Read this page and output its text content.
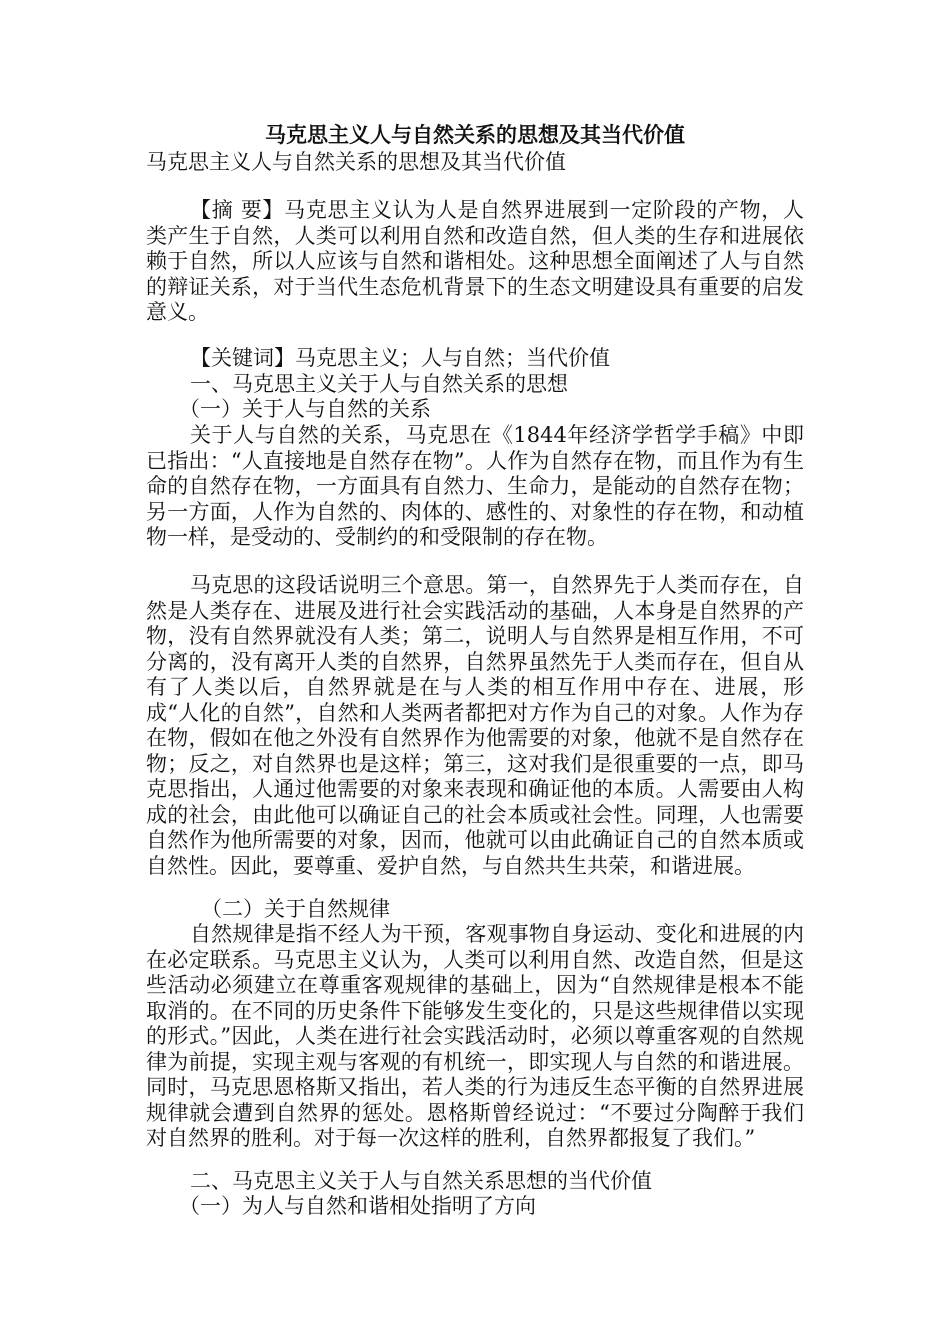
马克思主义人与自然关系的思想及其当代价值
马克思主义人与自然关系的思想及其当代价值

【摘 要】马克思主义认为人是自然界进展到一定阶段的产物，人类产生于自然，人类可以利用自然和改造自然，但人类的生存和进展依赖于自然，所以人应该与自然和谐相处。这种思想全面阐述了人与自然的辩证关系，对于当代生态危机背景下的生态文明建设具有重要的启发意义。

【关键词】马克思主义；人与自然；当代价值

一、马克思主义关于人与自然关系的思想

（一）关于人与自然的关系

关于人与自然的关系，马克思在《1844年经济学哲学手稿》中即已指出：“人直接地是自然存在物”。人作为自然存在物，而且作为有生命的自然存在物，一方面具有自然力、生命力，是能动的自然存在物；另一方面，人作为自然的、肉体的、感性的、对象性的存在物，和动植物一样，是受动的、受制约的和受限制的存在物。

马克思的这段话说明三个意思。第一，自然界先于人类而存在，自然是人类存在、进展及进行社会实践活动的基础，人本身是自然界的产物，没有自然界就没有人类；第二，说明人与自然界是相互作用，不可分离的，没有离开人类的自然界，自然界虽然先于人类而存在，但自从有了人类以后，自然界就是在与人类的相互作用中存在、进展，形成“人化的自然”，自然和人类两者都把对方作为自己的对象。人作为存在物，假如在他之外没有自然界作为他需要的对象，他就不是自然存在物；反之，对自然界也是这样；第三，这对我们是很重要的一点，即马克思指出，人通过他需要的对象来表现和确证他的本质。人需要由人构成的社会，由此他可以确证自己的社会本质或社会性。同理，人也需要自然作为他所需要的对象，因而，他就可以由此确证自己的自然本质或自然性。因此，要尊重、爱护自然，与自然共生共荣，和谐进展。

（二）关于自然规律

自然规律是指不经人为干预，客观事物自身运动、变化和进展的内在必定联系。马克思主义认为，人类可以利用自然、改造自然，但是这些活动必须建立在尊重客观规律的基础上，因为“自然规律是根本不能取消的。在不同的历史条件下能够发生变化的，只是这些规律借以实现的形式。”因此，人类在进行社会实践活动时，必须以尊重客观的自然规律为前提，实现主观与客观的有机统一，即实现人与自然的和谐进展。同时，马克思恩格斯又指出，若人类的行为违反生态平衡的自然界进展规律就会遭到自然界的惩处。恩格斯曾经说过：“不要过分陶醉于我们对自然界的胜利。对于每一次这样的胜利，自然界都报复了我们。”

二、马克思主义关于人与自然关系思想的当代价值

（一）为人与自然和谐相处指明了方向
